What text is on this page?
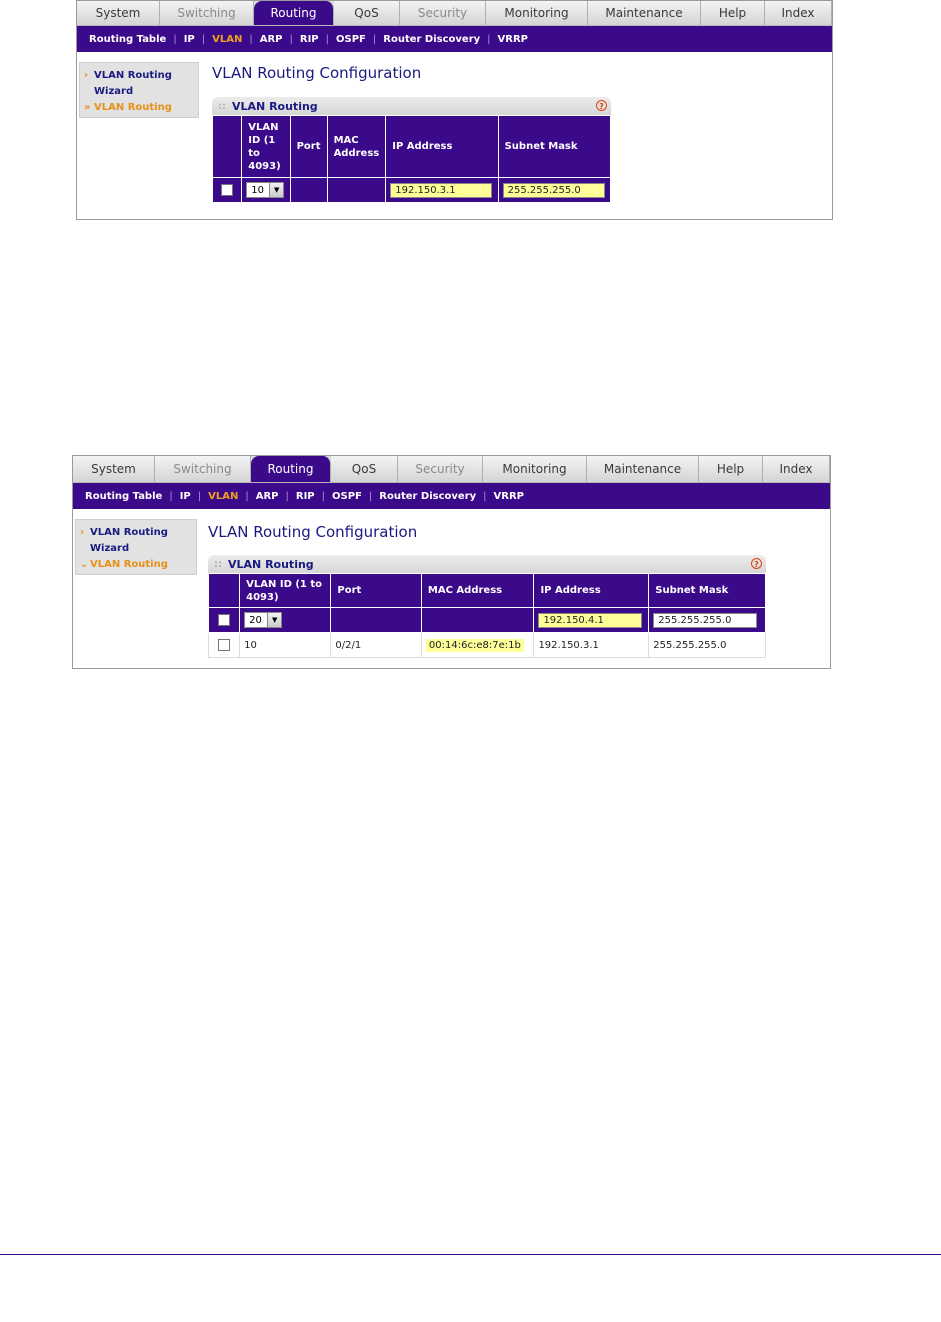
System	Switching	Routing	QoS	Security	Monitoring	Maintenance	Help	Index
Routing Table | IP | VLAN | ARP | RIP | OSPF | Router Discovery | VRRP
› VLAN Routing Wizard
» VLAN Routing
VLAN Routing Configuration
:: VLAN Routing	?
	VLAN ID (1 to 4093)	Port	MAC Address	IP Address	Subnet Mask

	10 ▼			192.150.3.1	255.255.255.0
System	Switching	Routing	QoS	Security	Monitoring	Maintenance	Help	Index
Routing Table | IP | VLAN | ARP | RIP | OSPF | Router Discovery | VRRP
› VLAN Routing Wizard
⌄ VLAN Routing
VLAN Routing Configuration
:: VLAN Routing	?
	VLAN ID (1 to 4093)	Port	MAC Address	IP Address	Subnet Mask

	20 ▼			192.150.4.1	255.255.255.0
	10	0/2/1	00:14:6c:e8:7e:1b	192.150.3.1	255.255.255.0
